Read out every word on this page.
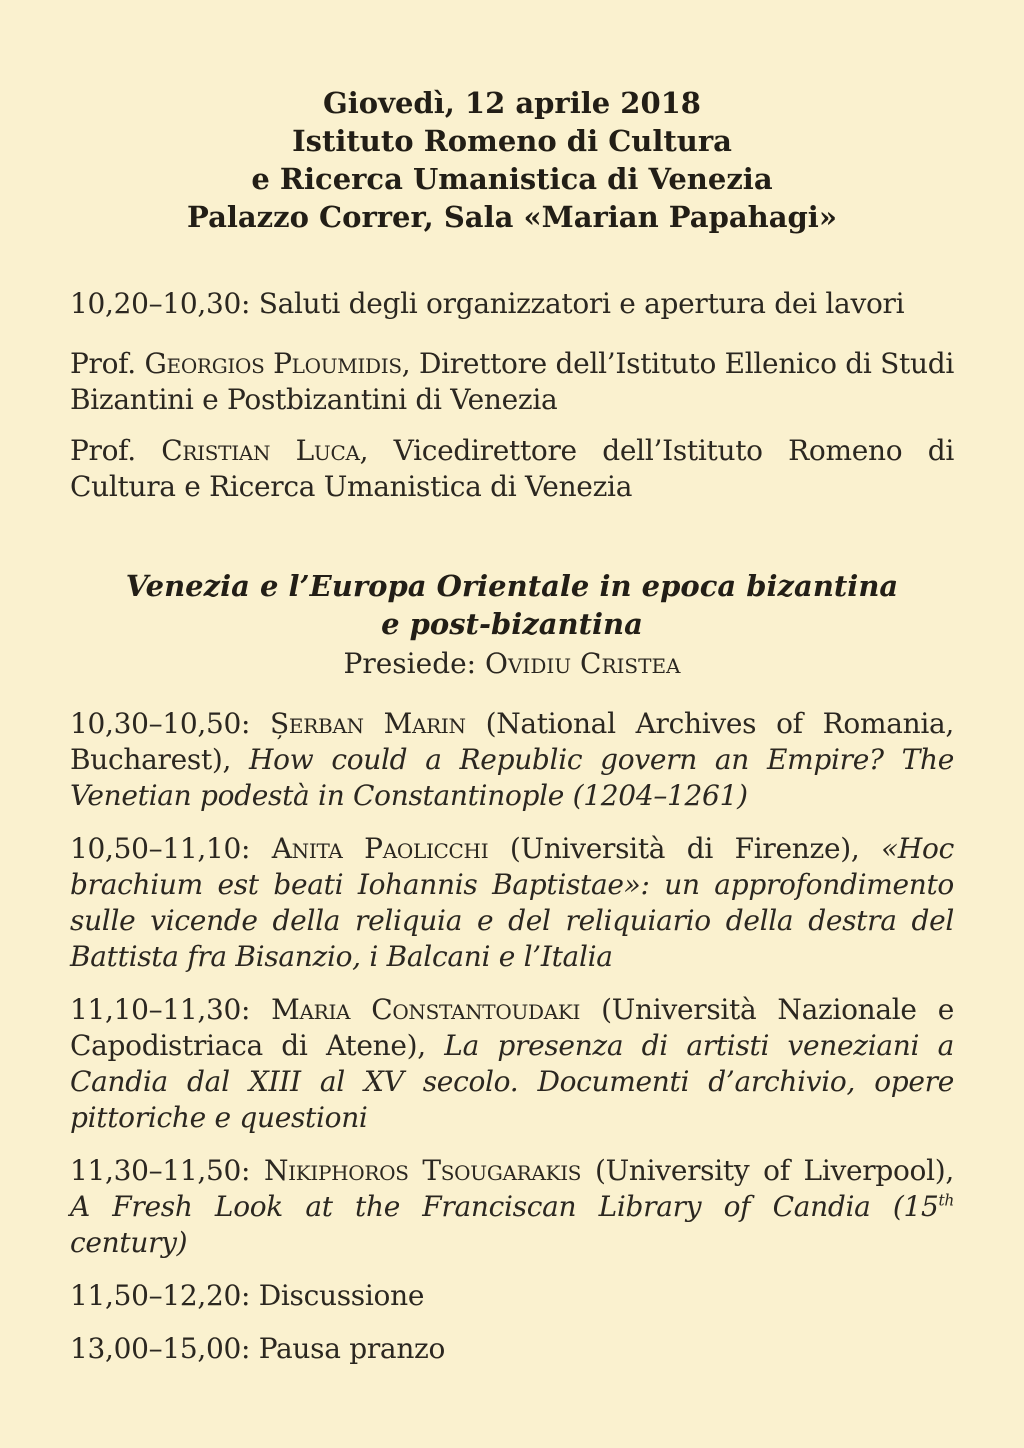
Giovedì, 12 aprile 2018
Istituto Romeno di Cultura
e Ricerca Umanistica di Venezia
Palazzo Correr, Sala «Marian Papahagi»

10,20–10,30: Saluti degli organizzatori e apertura dei lavori

Prof. Georgios Ploumidis, Direttore dell’Istituto Ellenico di Studi Bizantini e Postbizantini di Venezia

Prof. Cristian Luca, Vicedirettore dell’Istituto Romeno di Cultura e Ricerca Umanistica di Venezia

Venezia e l’Europa Orientale in epoca bizantina
e post-bizantina

Presiede: Ovidiu Cristea

10,30–10,50: Șerban Marin (National Archives of Romania, Bucharest), How could a Republic govern an Empire? The Venetian podestà in Constantinople (1204–1261)

10,50–11,10: Anita Paolicchi (Università di Firenze), «Hoc brachium est beati Iohannis Baptistae»: un approfondimento sulle vicende della reliquia e del reliquiario della destra del Battista fra Bisanzio, i Balcani e l’Italia

11,10–11,30: Maria Constantoudaki (Università Nazionale e Capodistriaca di Atene), La presenza di artisti veneziani a Candia dal XIII al XV secolo. Documenti d’archivio, opere pittoriche e questioni

11,30–11,50: Nikiphoros Tsougarakis (University of Liverpool), A Fresh Look at the Franciscan Library of Candia (15th century)

11,50–12,20: Discussione

13,00–15,00: Pausa pranzo
